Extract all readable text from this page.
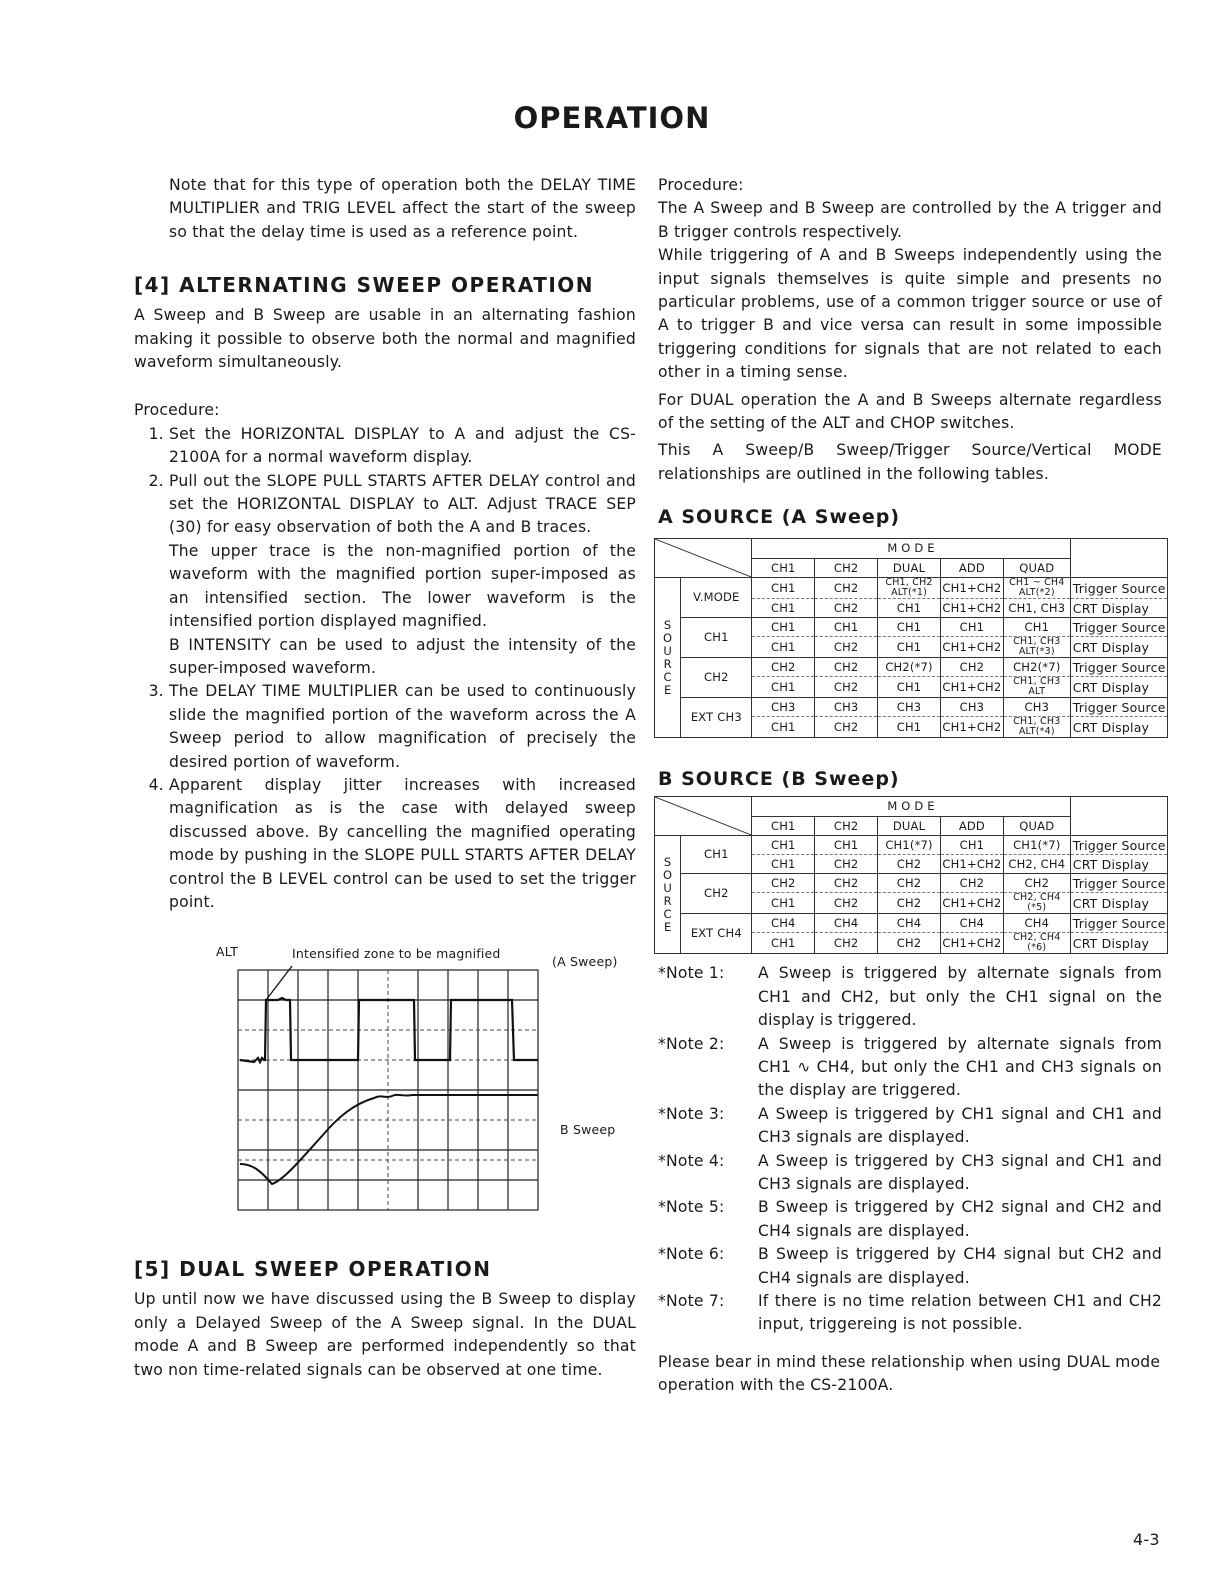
OPERATION

Note that for this type of operation both the DELAY TIME MULTIPLIER and TRIG LEVEL affect the start of the sweep so that the delay time is used as a reference point.

[4] ALTERNATING SWEEP OPERATION

A Sweep and B Sweep are usable in an alternating fashion making it possible to observe both the normal and magnified waveform simultaneously.

Procedure:

1. Set the HORIZONTAL DISPLAY to A and adjust the CS-2100A for a normal waveform display.
2. Pull out the SLOPE PULL STARTS AFTER DELAY control and set the HORIZONTAL DISPLAY to ALT. Adjust TRACE SEP (30) for easy observation of both the A and B traces.

The upper trace is the non-magnified portion of the waveform with the magnified portion super-imposed as an intensified section. The lower waveform is the intensified portion displayed magnified.

B INTENSITY can be used to adjust the intensity of the super-imposed waveform.

3. The DELAY TIME MULTIPLIER can be used to continuously slide the magnified portion of the waveform across the A Sweep period to allow magnification of precisely the desired portion of waveform.
4. Apparent display jitter increases with increased magnification as is the case with delayed sweep discussed above. By cancelling the magnified operating mode by pushing in the SLOPE PULL STARTS AFTER DELAY control the B LEVEL control can be used to set the trigger point.
ALT	Intensified zone to be magnified
(A Sweep)
B Sweep
[5] DUAL SWEEP OPERATION

Up until now we have discussed using the B Sweep to display only a Delayed Sweep of the A Sweep signal. In the DUAL mode A and B Sweep are performed independently so that two non time-related signals can be observed at one time.

Procedure:

The A Sweep and B Sweep are controlled by the A trigger and B trigger controls respectively.

While triggering of A and B Sweeps independently using the input signals themselves is quite simple and presents no particular problems, use of a common trigger source or use of A to trigger B and vice versa can result in some impossible triggering conditions for signals that are not related to each other in a timing sense.

For DUAL operation the A and B Sweeps alternate regardless of the setting of the ALT and CHOP switches.

This A Sweep/B Sweep/Trigger Source/Vertical MODE relationships are outlined in the following tables.

A SOURCE (A Sweep)
	M O D E					
		CH1	CH2	DUAL	ADD	QUAD	
SOURCE	V.MODE	CH1	CH2	CH1, CH2 ALT(*1)	CH1+CH2	CH1 ~ CH4 ALT(*2)	Trigger Source
		CH1	CH2	CH1	CH1+CH2	CH1, CH3	CRT Display
	CH1	CH1	CH1	CH1	CH1	CH1	Trigger Source
		CH1	CH2	CH1	CH1+CH2	CH1, CH3 ALT(*3)	CRT Display
	CH2	CH2	CH2	CH2(*7)	CH2	CH2(*7)	Trigger Source
		CH1	CH2	CH1	CH1+CH2	CH1, CH3 ALT	CRT Display
	EXT CH3	CH3	CH3	CH3	CH3	CH3	Trigger Source
		CH1	CH2	CH1	CH1+CH2	CH1, CH3 ALT(*4)	CRT Display
B SOURCE (B Sweep)
	M O D E					
		CH1	CH2	DUAL	ADD	QUAD	
SOURCE	CH1	CH1	CH1	CH1(*7)	CH1	CH1(*7)	Trigger Source
		CH1	CH2	CH2	CH1+CH2	CH2, CH4	CRT Display
	CH2	CH2	CH2	CH2	CH2	CH2	Trigger Source
		CH1	CH2	CH2	CH1+CH2	CH2, CH4 (*5)	CRT Display
	EXT CH4	CH4	CH4	CH4	CH4	CH4	Trigger Source
		CH1	CH2	CH2	CH1+CH2	CH2, CH4 (*6)	CRT Display
*Note 1:	A Sweep is triggered by alternate signals from CH1 and CH2, but only the CH1 signal on the display is triggered.
*Note 2:	A Sweep is triggered by alternate signals from CH1 ∿ CH4, but only the CH1 and CH3 signals on the display are triggered.
*Note 3:	A Sweep is triggered by CH1 signal and CH1 and CH3 signals are displayed.
*Note 4:	A Sweep is triggered by CH3 signal and CH1 and CH3 signals are displayed.
*Note 5:	B Sweep is triggered by CH2 signal and CH2 and CH4 signals are displayed.
*Note 6:	B Sweep is triggered by CH4 signal but CH2 and CH4 signals are displayed.
*Note 7:	If there is no time relation between CH1 and CH2 input, triggereing is not possible.

Please bear in mind these relationship when using DUAL mode operation with the CS-2100A.

4-3
